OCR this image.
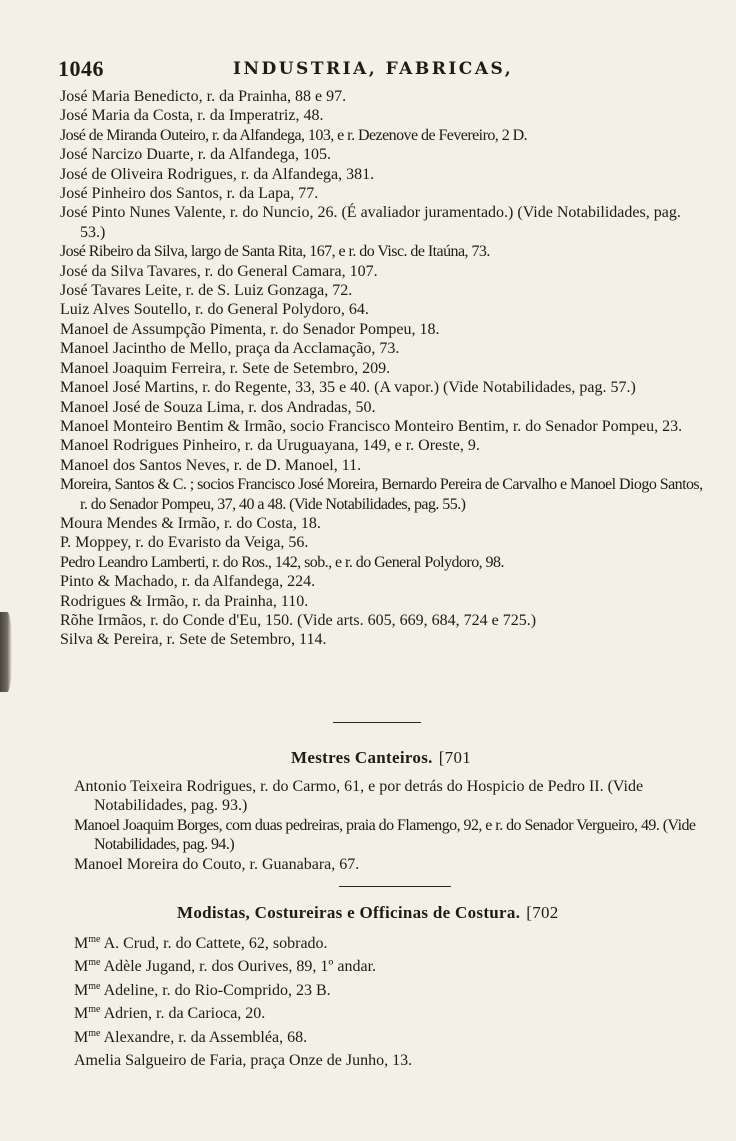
1046	INDUSTRIA, FABRICAS,

José Maria Benedicto, r. da Prainha, 88 e 97.

José Maria da Costa, r. da Imperatriz, 48.

José de Miranda Outeiro, r. da Alfandega, 103, e r. Dezenove de Fevereiro, 2 D.

José Narcizo Duarte, r. da Alfandega, 105.

José de Oliveira Rodrigues, r. da Alfandega, 381.

José Pinheiro dos Santos, r. da Lapa, 77.

José Pinto Nunes Valente, r. do Nuncio, 26. (É avaliador juramentado.) (Vide Notabilidades, pag. 53.)

José Ribeiro da Silva, largo de Santa Rita, 167, e r. do Visc. de Itaúna, 73.

José da Silva Tavares, r. do General Camara, 107.

José Tavares Leite, r. de S. Luiz Gonzaga, 72.

Luiz Alves Soutello, r. do General Polydoro, 64.

Manoel de Assumpção Pimenta, r. do Senador Pompeu, 18.

Manoel Jacintho de Mello, praça da Acclamação, 73.

Manoel Joaquim Ferreira, r. Sete de Setembro, 209.

Manoel José Martins, r. do Regente, 33, 35 e 40. (A vapor.) (Vide Notabilidades, pag. 57.)

Manoel José de Souza Lima, r. dos Andradas, 50.

Manoel Monteiro Bentim & Irmão, socio Francisco Monteiro Bentim, r. do Senador Pompeu, 23.

Manoel Rodrigues Pinheiro, r. da Uruguayana, 149, e r. Oreste, 9.

Manoel dos Santos Neves, r. de D. Manoel, 11.

Moreira, Santos & C. ; socios Francisco José Moreira, Bernardo Pereira de Carvalho e Manoel Diogo Santos, r. do Senador Pompeu, 37, 40 a 48. (Vide Notabilidades, pag. 55.)

Moura Mendes & Irmão, r. do Costa, 18.

P. Moppey, r. do Evaristo da Veiga, 56.

Pedro Leandro Lamberti, r. do Ros., 142, sob., e r. do General Polydoro, 98.

Pinto & Machado, r. da Alfandega, 224.

Rodrigues & Irmão, r. da Prainha, 110.

Rõhe Irmãos, r. do Conde d'Eu, 150. (Vide arts. 605, 669, 684, 724 e 725.)

Silva & Pereira, r. Sete de Setembro, 114.

Mestres Canteiros. [701

Antonio Teixeira Rodrigues, r. do Carmo, 61, e por detrás do Hospicio de Pedro II. (Vide Notabilidades, pag. 93.)

Manoel Joaquim Borges, com duas pedreiras, praia do Flamengo, 92, e r. do Senador Vergueiro, 49. (Vide Notabilidades, pag. 94.)

Manoel Moreira do Couto, r. Guanabara, 67.

Modistas, Costureiras e Officinas de Costura. [702

$M^{me}$ A. Crud, r. do Cattete, 62, sobrado.

$M^{me}$ Adèle Jugand, r. dos Ourives, 89, 1º andar.

$M^{me}$ Adeline, r. do Rio-Comprido, 23 B.

$M^{me}$ Adrien, r. da Carioca, 20.

$M^{me}$ Alexandre, r. da Assembléa, 68.

Amelia Salgueiro de Faria, praça Onze de Junho, 13.
